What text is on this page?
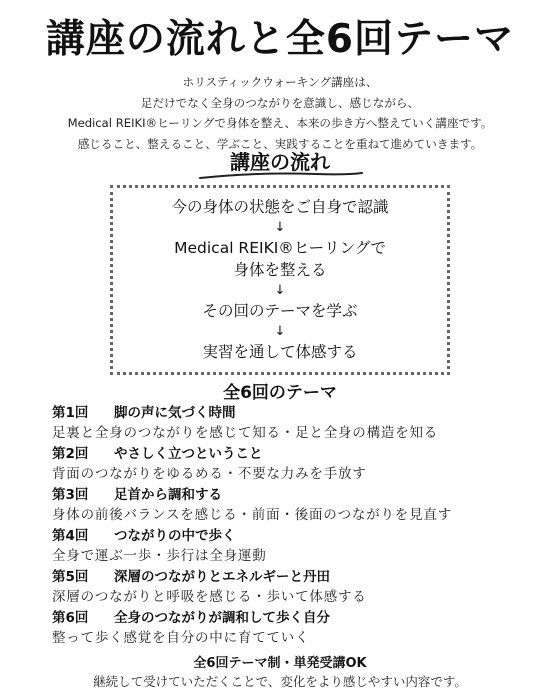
講座の流れと全6回テーマ
ホリスティックウォーキング講座は、
足だけでなく全身のつながりを意識し、感じながら、
Medical REIKI®ヒーリングで身体を整え、本来の歩き方へ整えていく講座です。
感じること、整えること、学ぶこと、実践することを重ねて進めていきます。
講座の流れ
今の身体の状態をご自身で認識
↓
Medical REIKI®ヒーリングで
身体を整える
↓
その回のテーマを学ぶ
↓
実習を通して体感する
全6回のテーマ
第1回 脚の声に気づく時間
足裏と全身のつながりを感じて知る・足と全身の構造を知る
第2回 やさしく立つということ
背面のつながりをゆるめる・不要な力みを手放す
第3回 足首から調和する
身体の前後バランスを感じる・前面・後面のつながりを見直す
第4回 つながりの中で歩く
全身で運ぶ一歩・歩行は全身運動
第5回 深層のつながりとエネルギーと丹田
深層のつながりと呼吸を感じる・歩いて体感する
第6回 全身のつながりが調和して歩く自分
整って歩く感覚を自分の中に育てていく
全6回テーマ制・単発受講OK
継続して受けていただくことで、変化をより感じやすい内容です。
